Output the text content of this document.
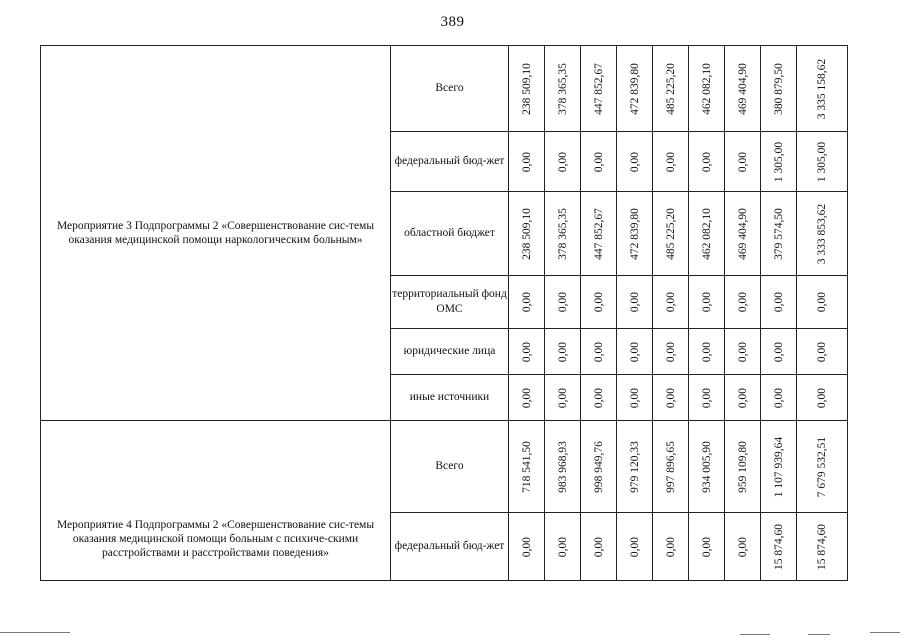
389
Мероприятие 3 Подпрограммы 2 «Совершенствование сис-темы оказания медицинской помощи наркологическим больным»	Всего	238 509,10	378 365,35	447 852,67	472 839,80	485 225,20	462 082,10	469 404,90	380 879,50	3 335 158,62

	федеральный бюд-жет	0,00	0,00	0,00	0,00	0,00	0,00	0,00	1 305,00	1 305,00

	областной бюджет	238 509,10	378 365,35	447 852,67	472 839,80	485 225,20	462 082,10	469 404,90	379 574,50	3 333 853,62

	территориальный фонд ОМС	0,00	0,00	0,00	0,00	0,00	0,00	0,00	0,00	0,00

	юридические лица	0,00	0,00	0,00	0,00	0,00	0,00	0,00	0,00	0,00

	иные источники	0,00	0,00	0,00	0,00	0,00	0,00	0,00	0,00	0,00

Мероприятие 4 Подпрограммы 2 «Совершенствование сис-темы оказания медицинской помощи больным с психиче-скими расстройствами и расстройствами поведения»	Всего	718 541,50	983 968,93	998 949,76	979 120,33	997 896,65	934 005,90	959 109,80	1 107 939,64	7 679 532,51

	федеральный бюд-жет	0,00	0,00	0,00	0,00	0,00	0,00	0,00	15 874,60	15 874,60
